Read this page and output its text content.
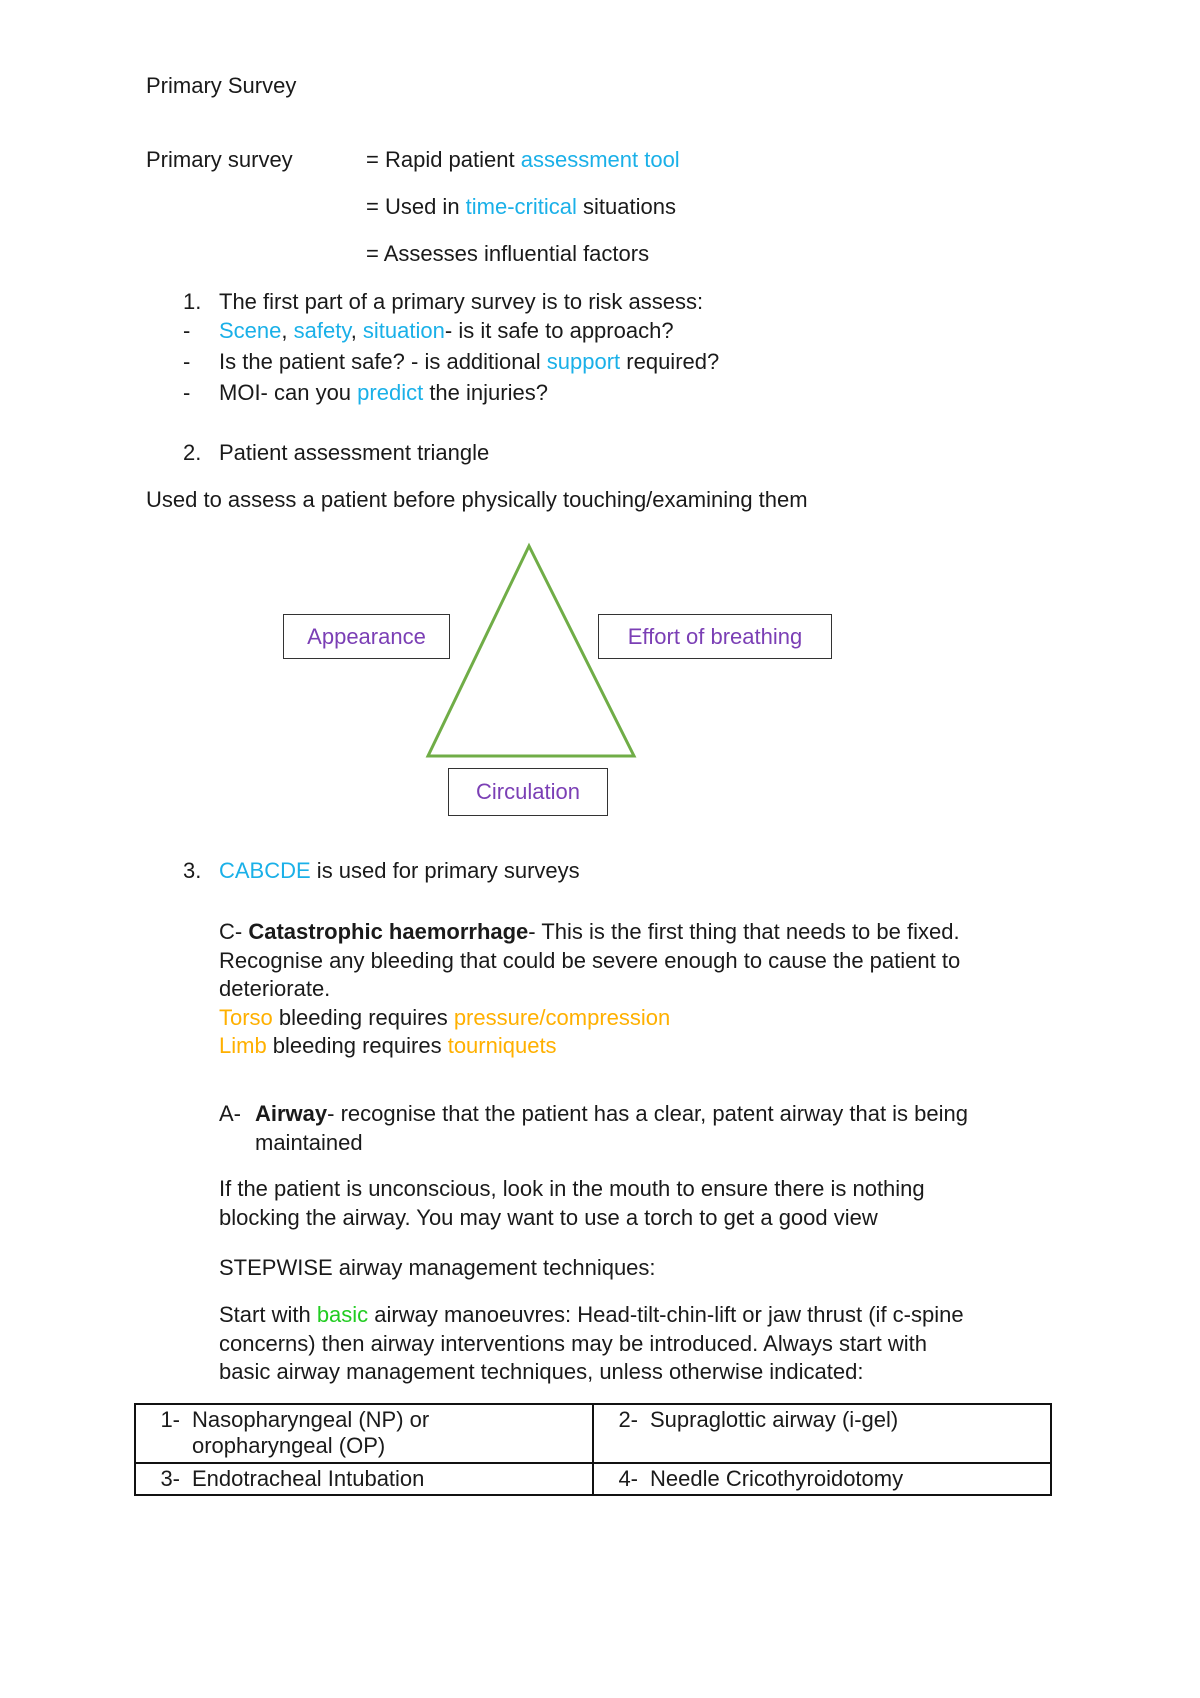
Primary Survey
Primary survey	= Rapid patient assessment tool
= Used in time-critical situations
= Assesses influential factors
1. The first part of a primary survey is to risk assess:
- Scene, safety, situation- is it safe to approach?
- Is the patient safe? - is additional support required?
- MOI- can you predict the injuries?
2. Patient assessment triangle
Used to assess a patient before physically touching/examining them
Appearance	Effort of breathing
Circulation
3. CABCDE is used for primary surveys
C- Catastrophic haemorrhage- This is the first thing that needs to be fixed.
Recognise any bleeding that could be severe enough to cause the patient to
deteriorate.
Torso bleeding requires pressure/compression
Limb bleeding requires tourniquets
A- Airway- recognise that the patient has a clear, patent airway that is being
maintained
If the patient is unconscious, look in the mouth to ensure there is nothing
blocking the airway. You may want to use a torch to get a good view
STEPWISE airway management techniques:
Start with basic airway manoeuvres: Head-tilt-chin-lift or jaw thrust (if c-spine
concerns) then airway interventions may be introduced. Always start with
basic airway management techniques, unless otherwise indicated:
1- Nasopharyngeal (NP) or oropharyngeal (OP)	2- Supraglottic airway (i-gel)

3- Endotracheal Intubation	4- Needle Cricothyroidotomy
